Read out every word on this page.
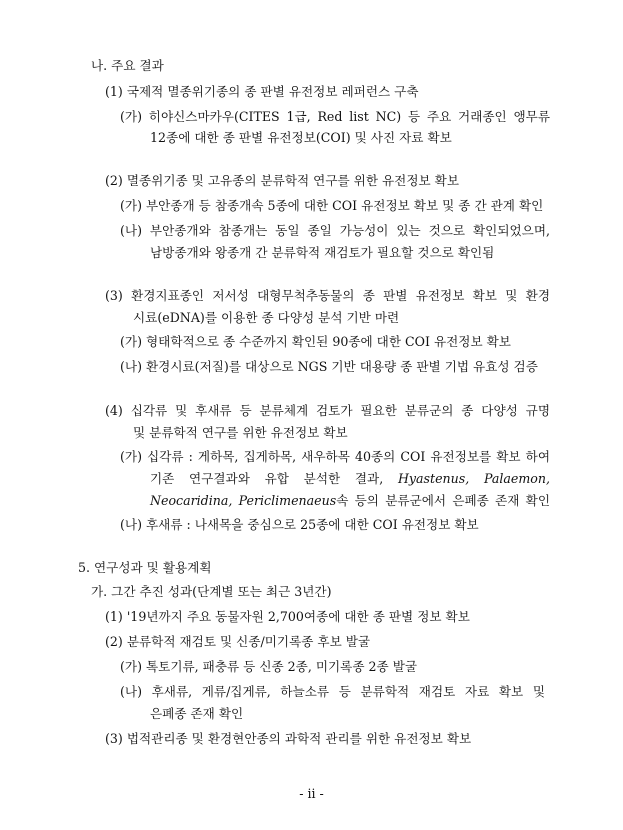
나. 주요 결과
(1) 국제적 멸종위기종의 종 판별 유전정보 레퍼런스 구축
(가) 히야신스마카우(CITES 1급, Red list NC) 등 주요 거래종인 앵무류
12종에 대한 종 판별 유전정보(COI) 및 사진 자료 확보
(2) 멸종위기종 및 고유종의 분류학적 연구를 위한 유전정보 확보
(가) 부안종개 등 참종개속 5종에 대한 COI 유전정보 확보 및 종 간 관계 확인
(나) 부안종개와 참종개는 동일 종일 가능성이 있는 것으로 확인되었으며,
남방종개와 왕종개 간 분류학적 재검토가 필요할 것으로 확인됨
(3) 환경지표종인 저서성 대형무척추동물의 종 판별 유전정보 확보 및 환경
시료(eDNA)를 이용한 종 다양성 분석 기반 마련
(가) 형태학적으로 종 수준까지 확인된 90종에 대한 COI 유전정보 확보
(나) 환경시료(저질)를 대상으로 NGS 기반 대용량 종 판별 기법 유효성 검증
(4) 십각류 및 후새류 등 분류체계 검토가 필요한 분류군의 종 다양성 규명
및 분류학적 연구를 위한 유전정보 확보
(가) 십각류 : 게하목, 집게하목, 새우하목 40종의 COI 유전정보를 확보 하여
기존 연구결과와 유합 분석한 결과, Hyastenus, Palaemon,
Neocaridina, Periclimenaeus속 등의 분류군에서 은폐종 존재 확인
(나) 후새류 : 나새목을 중심으로 25종에 대한 COI 유전정보 확보
5. 연구성과 및 활용계획
가. 그간 추진 성과(단계별 또는 최근 3년간)
(1) '19년까지 주요 동물자원 2,700여종에 대한 종 판별 정보 확보
(2) 분류학적 재검토 및 신종/미기록종 후보 발굴
(가) 톡토기류, 패충류 등 신종 2종, 미기록종 2종 발굴
(나) 후새류, 게류/집게류, 하늘소류 등 분류학적 재검토 자료 확보 및
은폐종 존재 확인
(3) 법적관리종 및 환경현안종의 과학적 관리를 위한 유전정보 확보
- ii -
